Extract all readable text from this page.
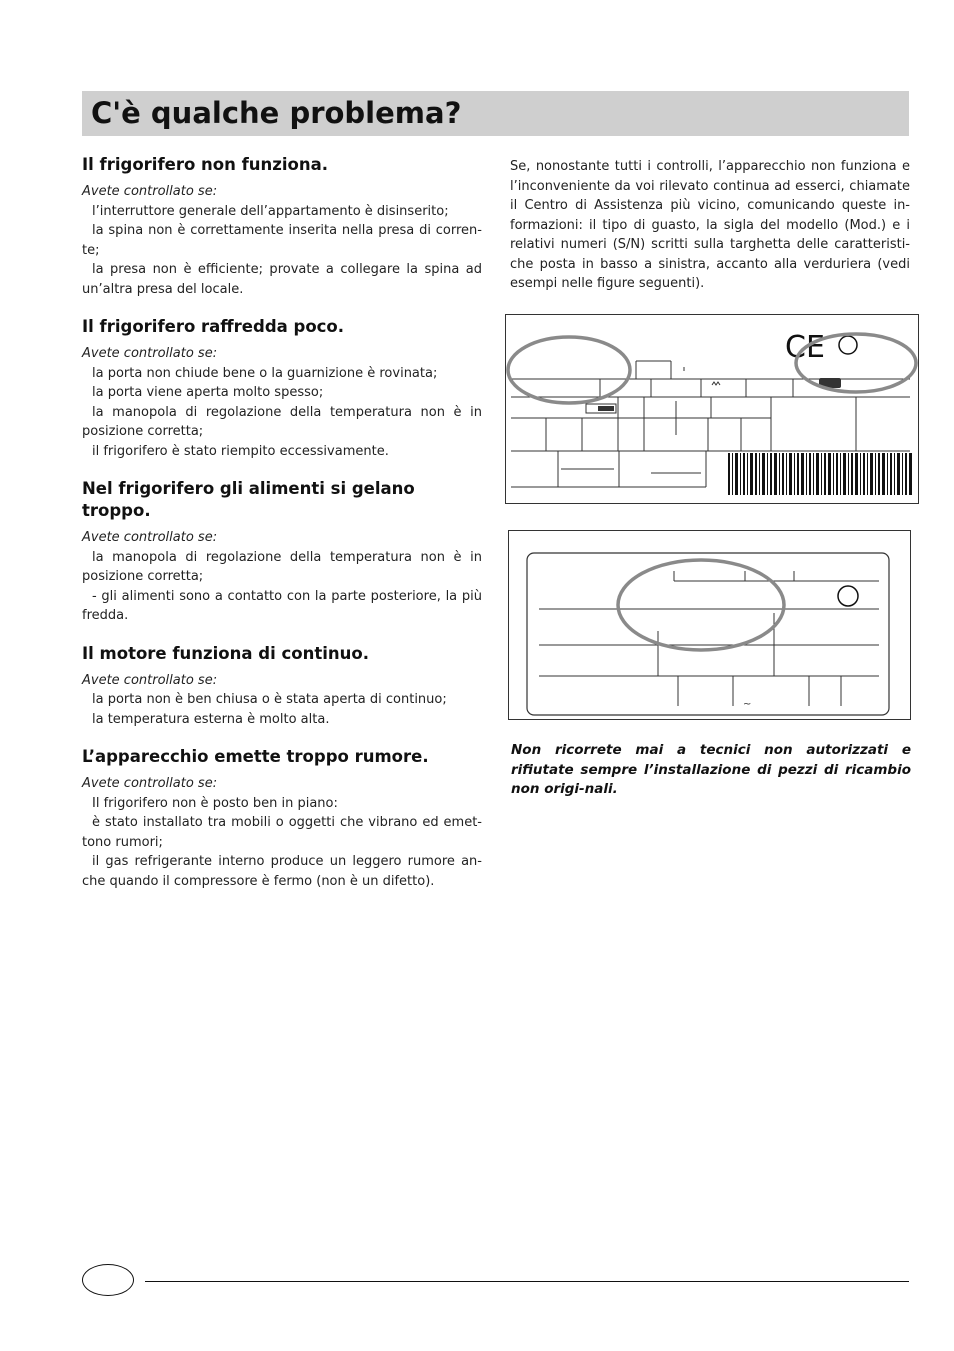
C'è qualche problema?
Il frigorifero non funziona.

Avete controllato se:

l’interruttore generale dell’appartamento è disinserito;

la spina non è correttamente inserita nella presa di corren-te;

la presa non è efficiente; provate a collegare la spina ad un’altra presa del locale.

Il frigorifero raffredda poco.

Avete controllato se:

la porta non chiude bene o la guarnizione è rovinata;

la porta viene aperta molto spesso;

la manopola di regolazione della temperatura non è in posizione corretta;

il frigorifero è stato riempito eccessivamente.

Nel frigorifero gli alimenti si gelano troppo.

Avete controllato se:

la manopola di regolazione della temperatura non è in posizione corretta;

- gli alimenti sono a contatto con la parte posteriore, la più fredda.

Il motore funziona di continuo.

Avete controllato se:

la porta non è ben chiusa o è stata aperta di continuo;

la temperatura esterna è molto alta.

L’apparecchio emette troppo rumore.

Avete controllato se:

Il frigorifero non è posto ben in piano:

è stato installato tra mobili o oggetti che vibrano ed emet-tono rumori;

il gas refrigerante interno produce un leggero rumore an-che quando il compressore è fermo (non è un difetto).

Se, nonostante tutti i controlli, l’apparecchio non funziona e l’inconveniente da voi rilevato continua ad esserci, chiamate il Centro di Assistenza più vicino, comunicando queste in-formazioni: il tipo di guasto, la sigla del modello (Mod.) e i relativi numeri (S/N) scritti sulla targhetta delle caratteristi-che posta in basso a sinistra, accanto alla verduriera (vedi esempi nelle figure seguenti).

CE
~

Non ricorrete mai a tecnici non autorizzati e rifiutate sempre l’installazione di pezzi di ricambio non origi-nali.
